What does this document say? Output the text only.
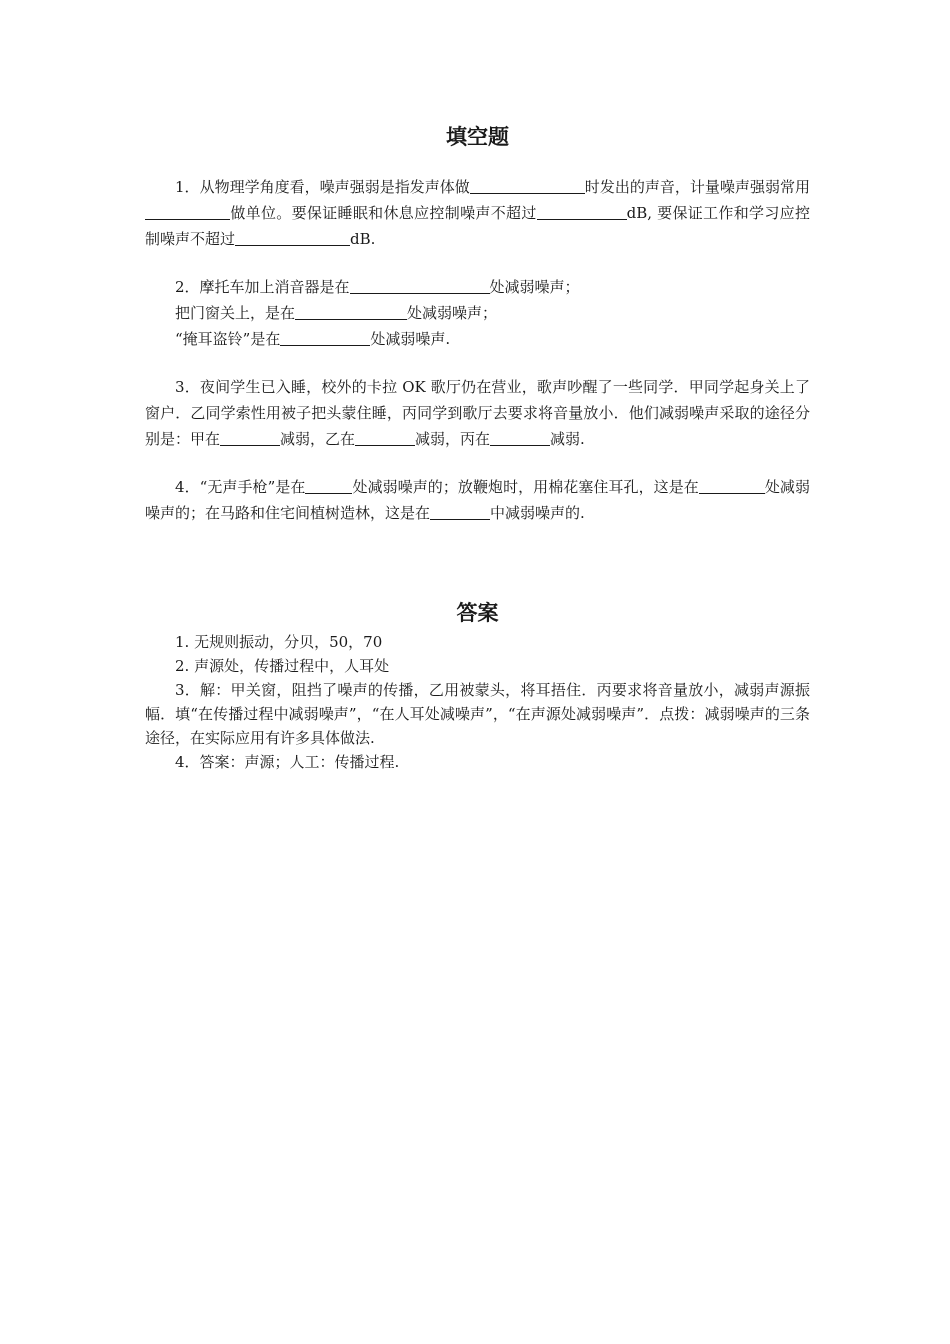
填空题

1．从物理学角度看，噪声强弱是指发声体做	时发出的声音，计量噪声强弱常用做单位。要保证睡眠和休息应控制噪声不超过	dB, 要保证工作和学习应控制噪声不超过	dB.

2．摩托车加上消音器是在	处减弱噪声；

把门窗关上，是在	处减弱噪声；

“掩耳盗铃”是在	处减弱噪声.

3．夜间学生已入睡，校外的卡拉 OK 歌厅仍在营业，歌声吵醒了一些同学．甲同学起身关上了窗户．乙同学索性用被子把头蒙住睡，丙同学到歌厅去要求将音量放小．他们减弱噪声采取的途径分别是：甲在	减弱，乙在	减弱，丙在	减弱.

4．“无声手枪”是在	处减弱噪声的；放鞭炮时，用棉花塞住耳孔，这是在	处减弱噪声的；在马路和住宅间植树造林，这是在	中减弱噪声的.

答案

1. 无规则振动，分贝，50，70

2. 声源处，传播过程中，人耳处

3．解：甲关窗，阻挡了噪声的传播，乙用被蒙头，将耳捂住．丙要求将音量放小，减弱声源振幅．填“在传播过程中减弱噪声”，“在人耳处减噪声”，“在声源处减弱噪声”．点拨：减弱噪声的三条途径，在实际应用有许多具体做法.

4．答案：声源；人工：传播过程.
